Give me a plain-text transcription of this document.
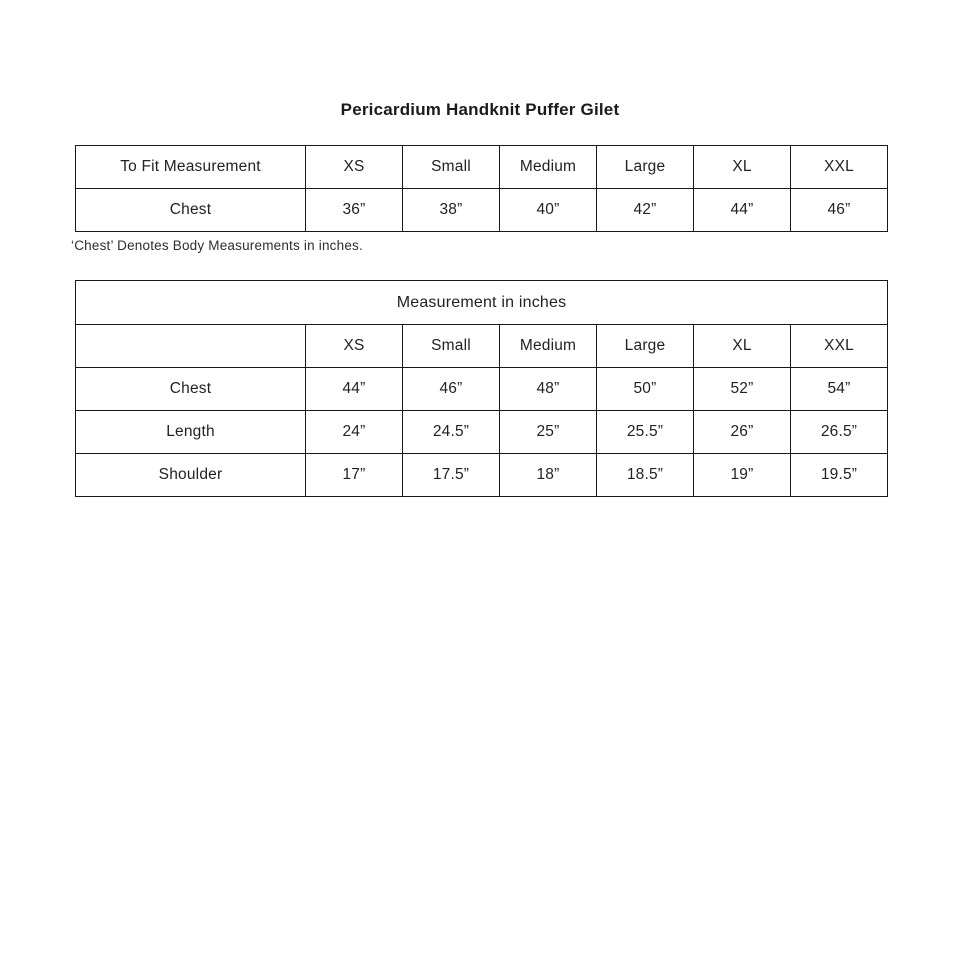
Pericardium Handknit Puffer Gilet
To Fit Measurement	XS	Small	Medium	Large	XL	XXL
Chest	36”	38”	40”	42”	44”	46”

‘Chest’ Denotes Body Measurements in inches.

Measurement in inches						
	XS	Small	Medium	Large	XL	XXL
Chest	44”	46”	48”	50”	52”	54”
Length	24”	24.5”	25”	25.5”	26”	26.5”
Shoulder	17”	17.5”	18”	18.5”	19”	19.5”
